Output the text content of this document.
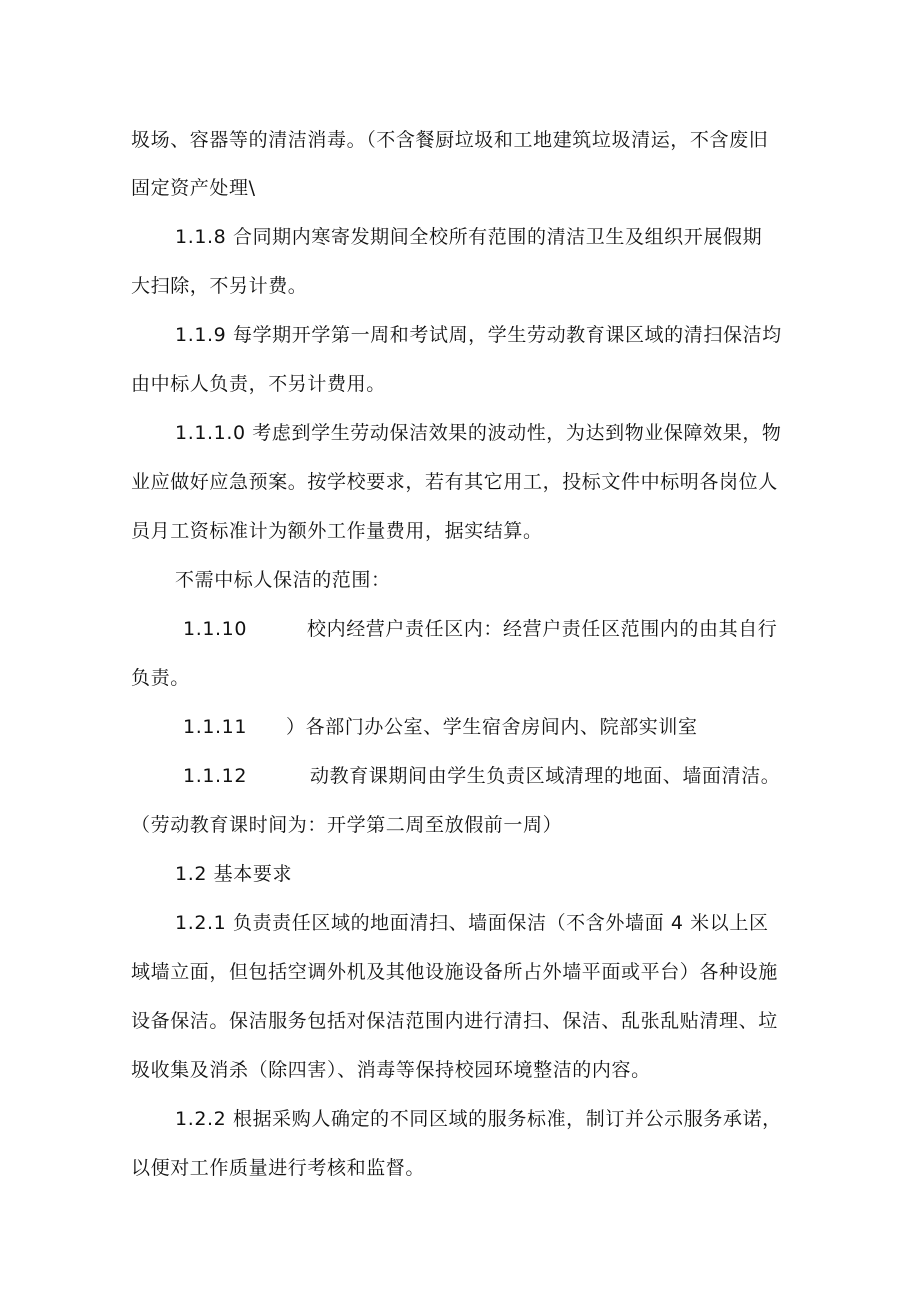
圾场、容器等的清洁消毒。（不含餐厨垃圾和工地建筑垃圾清运，不含废旧
固定资产处理\
1.1.8 合同期内寒寄发期间全校所有范围的清洁卫生及组织开展假期
大扫除，不另计费。
1.1.9 每学期开学第一周和考试周，学生劳动教育课区域的清扫保洁均
由中标人负责，不另计费用。
1.1.1.0 考虑到学生劳动保洁效果的波动性，为达到物业保障效果，物
业应做好应急预案。按学校要求，若有其它用工，投标文件中标明各岗位人
员月工资标准计为额外工作量费用，据实结算。
不需中标人保洁的范围：
1.1.10	校内经营户责任区内：经营户责任区范围内的由其自行
负责。
1.1.11 ）各部门办公室、学生宿舍房间内、院部实训室
1.1.12	动教育课期间由学生负责区域清理的地面、墙面清洁。
（劳动教育课时间为：开学第二周至放假前一周）
1.2 基本要求
1.2.1 负责责任区域的地面清扫、墙面保洁（不含外墙面 4 米以上区
域墙立面，但包括空调外机及其他设施设备所占外墙平面或平台）各种设施
设备保洁。保洁服务包括对保洁范围内进行清扫、保洁、乱张乱贴清理、垃
圾收集及消杀（除四害）、消毒等保持校园环境整洁的内容。
1.2.2 根据采购人确定的不同区域的服务标准，制订并公示服务承诺，
以便对工作质量进行考核和监督。
